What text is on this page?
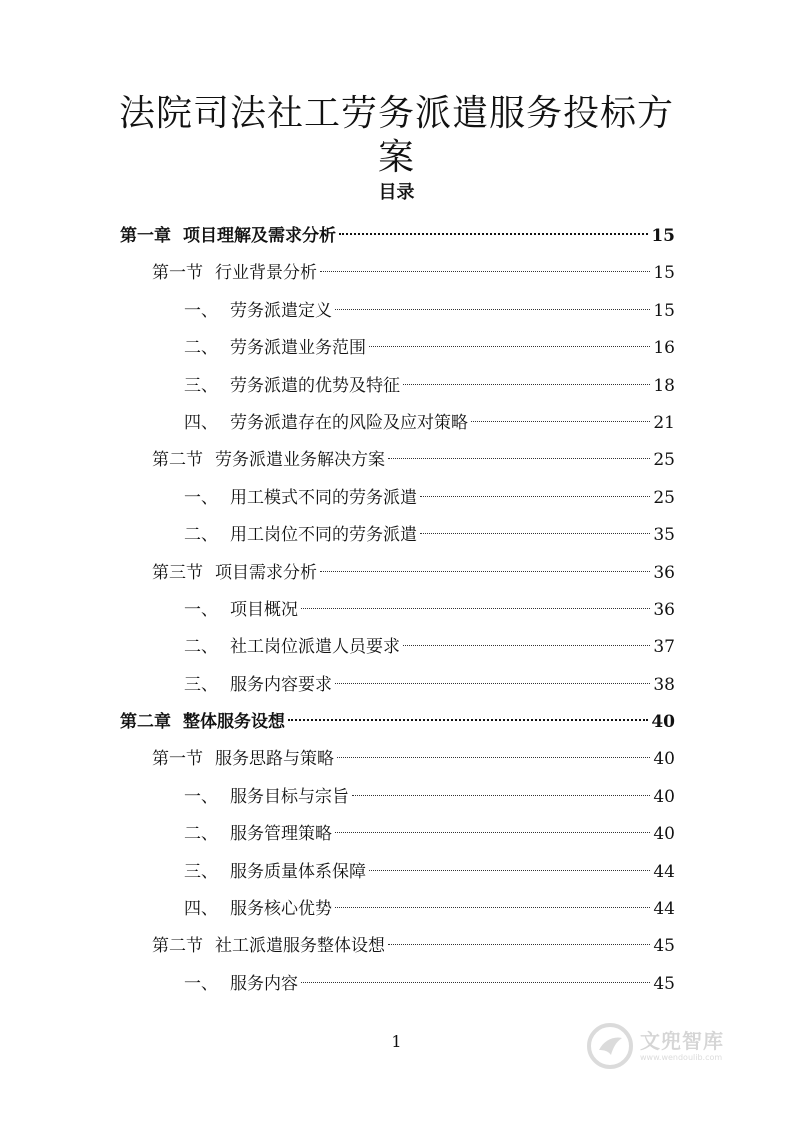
法院司法社工劳务派遣服务投标方
案
目录
第一章 项目理解及需求分析	15
第一节 行业背景分析	15
一、 劳务派遣定义	15
二、 劳务派遣业务范围	16
三、 劳务派遣的优势及特征	18
四、 劳务派遣存在的风险及应对策略	21
第二节 劳务派遣业务解决方案	25
一、 用工模式不同的劳务派遣	25
二、 用工岗位不同的劳务派遣	35
第三节 项目需求分析	36
一、 项目概况	36
二、 社工岗位派遣人员要求	37
三、 服务内容要求	38
第二章 整体服务设想	40
第一节 服务思路与策略	40
一、 服务目标与宗旨	40
二、 服务管理策略	40
三、 服务质量体系保障	44
四、 服务核心优势	44
第二节 社工派遣服务整体设想	45
一、 服务内容	45
1	文兜智库
www.wendoulib.com
